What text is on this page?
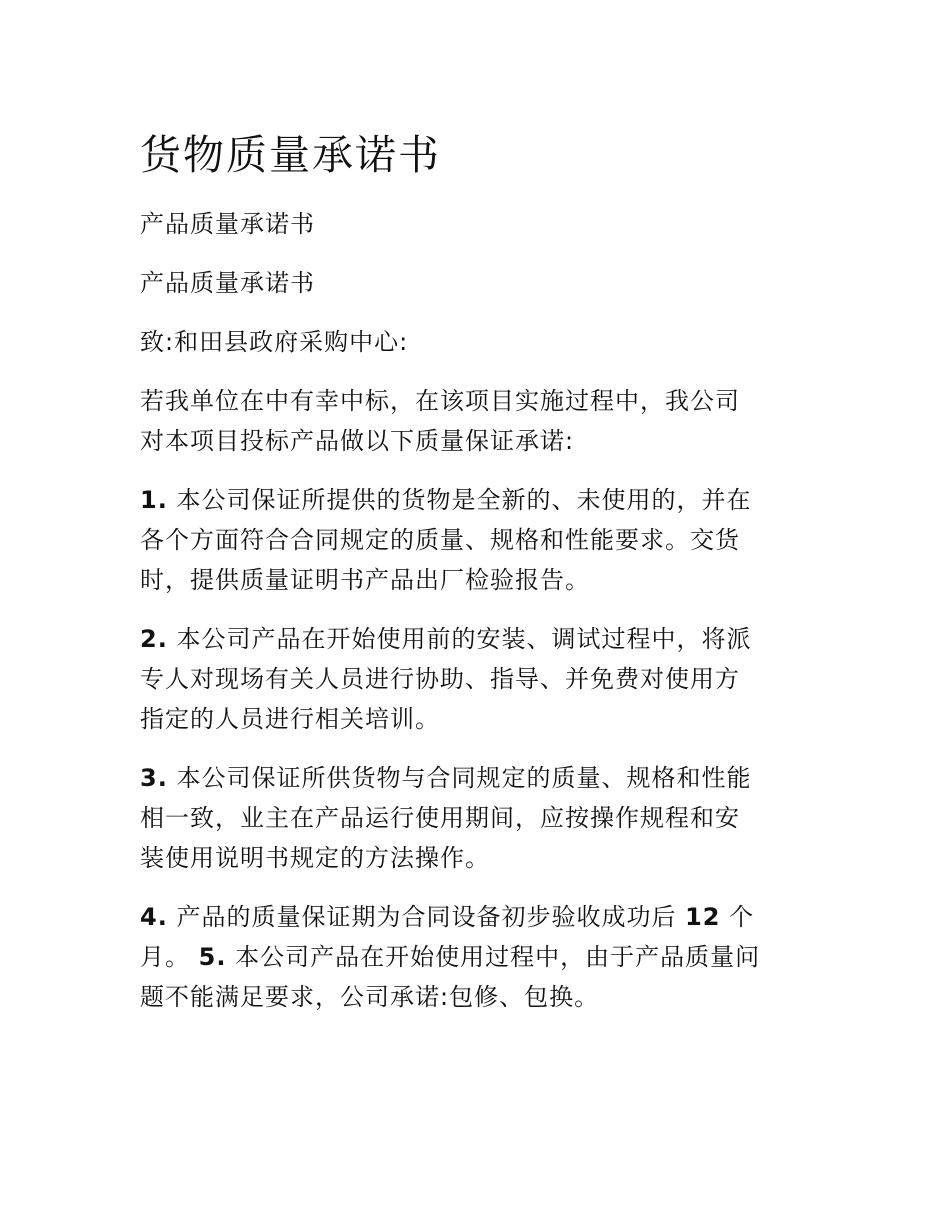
货物质量承诺书

产品质量承诺书

产品质量承诺书

致:和田县政府采购中心:

若我单位在中有幸中标，在该项目实施过程中，我公司
对本项目投标产品做以下质量保证承诺:

1. 本公司保证所提供的货物是全新的、未使用的，并在
各个方面符合合同规定的质量、规格和性能要求。交货
时，提供质量证明书产品出厂检验报告。

2. 本公司产品在开始使用前的安装、调试过程中，将派
专人对现场有关人员进行协助、指导、并免费对使用方
指定的人员进行相关培训。

3. 本公司保证所供货物与合同规定的质量、规格和性能
相一致，业主在产品运行使用期间，应按操作规程和安
装使用说明书规定的方法操作。

4. 产品的质量保证期为合同设备初步验收成功后 12 个
月。 5. 本公司产品在开始使用过程中，由于产品质量问
题不能满足要求，公司承诺:包修、包换。
